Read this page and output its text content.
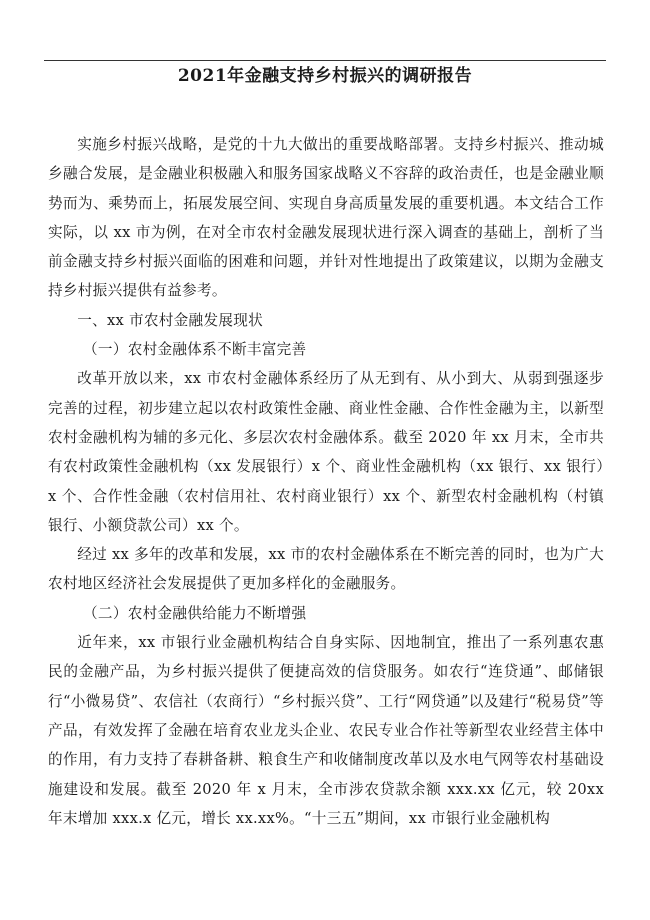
2021年金融支持乡村振兴的调研报告

实施乡村振兴战略，是党的十九大做出的重要战略部署。支持乡村振兴、推动城乡融合发展，是金融业积极融入和服务国家战略义不容辞的政治责任，也是金融业顺势而为、乘势而上，拓展发展空间、实现自身高质量发展的重要机遇。本文结合工作实际，以 xx 市为例，在对全市农村金融发展现状进行深入调查的基础上，剖析了当前金融支持乡村振兴面临的困难和问题，并针对性地提出了政策建议，以期为金融支持乡村振兴提供有益参考。

一、xx 市农村金融发展现状

（一）农村金融体系不断丰富完善

改革开放以来，xx 市农村金融体系经历了从无到有、从小到大、从弱到强逐步完善的过程，初步建立起以农村政策性金融、商业性金融、合作性金融为主，以新型农村金融机构为辅的多元化、多层次农村金融体系。截至 2020 年 xx 月末，全市共有农村政策性金融机构（xx 发展银行）x 个、商业性金融机构（xx 银行、xx 银行）x 个、合作性金融（农村信用社、农村商业银行）xx 个、新型农村金融机构（村镇银行、小额贷款公司）xx 个。

经过 xx 多年的改革和发展，xx 市的农村金融体系在不断完善的同时，也为广大农村地区经济社会发展提供了更加多样化的金融服务。

（二）农村金融供给能力不断增强

近年来，xx 市银行业金融机构结合自身实际、因地制宜，推出了一系列惠农惠民的金融产品，为乡村振兴提供了便捷高效的信贷服务。如农行“连贷通”、邮储银行“小微易贷”、农信社（农商行）“乡村振兴贷”、工行“网贷通”以及建行“税易贷”等产品，有效发挥了金融在培育农业龙头企业、农民专业合作社等新型农业经营主体中的作用，有力支持了春耕备耕、粮食生产和收储制度改革以及水电气网等农村基础设施建设和发展。截至 2020 年 x 月末，全市涉农贷款余额 xxx.xx 亿元，较 20xx 年末增加 xxx.x 亿元，增长 xx.xx%。“十三五”期间，xx 市银行业金融机构
